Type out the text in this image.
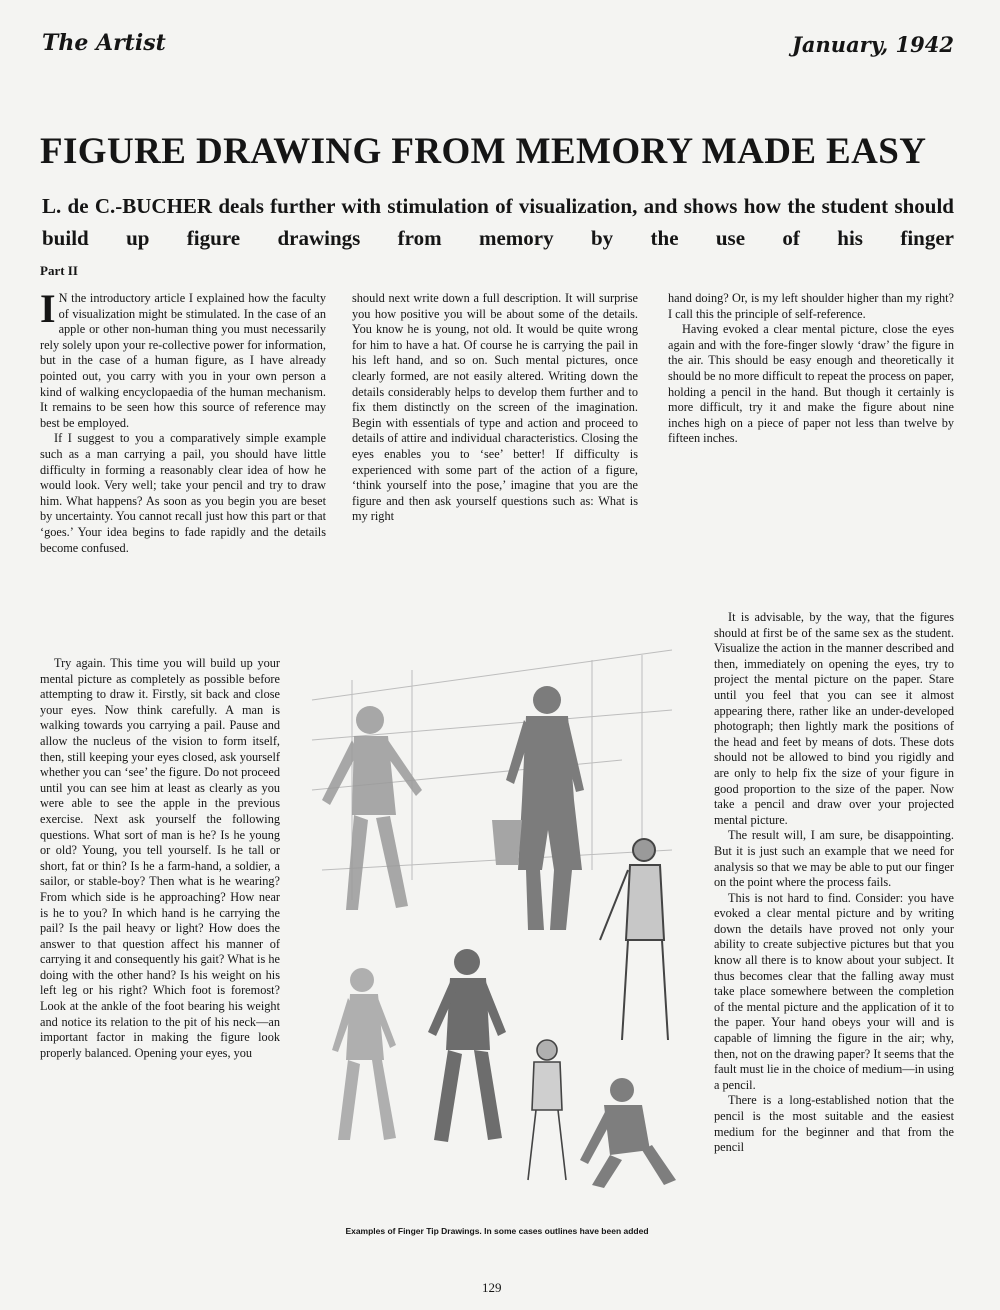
The Artist	January, 1942
FIGURE DRAWING FROM MEMORY MADE EASY
L. de C.-BUCHER deals further with stimulation of visualization, and shows how the student should build up figure drawings from memory by the use of his finger
Part II

I N the introductory article I explained how the faculty of visualization might be stimulated. In the case of an apple or other non-human thing you must necessarily rely solely upon your re-collective power for information, but in the case of a human figure, as I have already pointed out, you carry with you in your own person a kind of walking encyclopaedia of the human mechanism. It remains to be seen how this source of reference may best be employed.

If I suggest to you a comparatively simple example such as a man carrying a pail, you should have little difficulty in forming a reasonably clear idea of how he would look. Very well; take your pencil and try to draw him. What happens? As soon as you begin you are beset by uncertainty. You cannot recall just how this part or that ‘goes.’ Your idea begins to fade rapidly and the details become confused.

Try again. This time you will build up your mental picture as completely as possible before attempting to draw it. Firstly, sit back and close your eyes. Now think carefully. A man is walking towards you carrying a pail. Pause and allow the nucleus of the vision to form itself, then, still keeping your eyes closed, ask yourself whether you can ‘see’ the figure. Do not proceed until you can see him at least as clearly as you were able to see the apple in the previous exercise. Next ask yourself the following questions. What sort of man is he? Is he young or old? Young, you tell yourself. Is he tall or short, fat or thin? Is he a farm-hand, a soldier, a sailor, or stable-boy? Then what is he wearing? From which side is he approaching? How near is he to you? In which hand is he carrying the pail? Is the pail heavy or light? How does the answer to that question affect his manner of carrying it and consequently his gait? What is he doing with the other hand? Is his weight on his left leg or his right? Which foot is foremost? Look at the ankle of the foot bearing his weight and notice its relation to the pit of his neck—an important factor in making the figure look properly balanced. Opening your eyes, you

should next write down a full description. It will surprise you how positive you will be about some of the details. You know he is young, not old. It would be quite wrong for him to have a hat. Of course he is carrying the pail in his left hand, and so on. Such mental pictures, once clearly formed, are not easily altered. Writing down the details considerably helps to develop them further and to fix them distinctly on the screen of the imagination. Begin with essentials of type and action and proceed to details of attire and individual characteristics. Closing the eyes enables you to ‘see’ better! If difficulty is experienced with some part of the action of a figure, ‘think yourself into the pose,’ imagine that you are the figure and then ask yourself questions such as: What is my right

hand doing? Or, is my left shoulder higher than my right? I call this the principle of self-reference.

Having evoked a clear mental picture, close the eyes again and with the fore-finger slowly ‘draw’ the figure in the air. This should be easy enough and theoretically it should be no more difficult to repeat the process on paper, holding a pencil in the hand. But though it certainly is more difficult, try it and make the figure about nine inches high on a piece of paper not less than twelve by fifteen inches.

It is advisable, by the way, that the figures should at first be of the same sex as the student. Visualize the action in the manner described and then, immediately on opening the eyes, try to project the mental picture on the paper. Stare until you feel that you can see it almost appearing there, rather like an under-developed photograph; then lightly mark the positions of the head and feet by means of dots. These dots should not be allowed to bind you rigidly and are only to help fix the size of your figure in good proportion to the size of the paper. Now take a pencil and draw over your projected mental picture.

The result will, I am sure, be disappointing. But it is just such an example that we need for analysis so that we may be able to put our finger on the point where the process fails.

This is not hard to find. Consider: you have evoked a clear mental picture and by writing down the details have proved not only your ability to create subjective pictures but that you know all there is to know about your subject. It thus becomes clear that the falling away must take place somewhere between the completion of the mental picture and the application of it to the paper. Your hand obeys your will and is capable of limning the figure in the air; why, then, not on the drawing paper? It seems that the fault must lie in the choice of medium—in using a pencil.

There is a long-established notion that the pencil is the most suitable and the easiest medium for the beginner and that from the pencil

Examples of Finger Tip Drawings. In some cases outlines have been added
129
